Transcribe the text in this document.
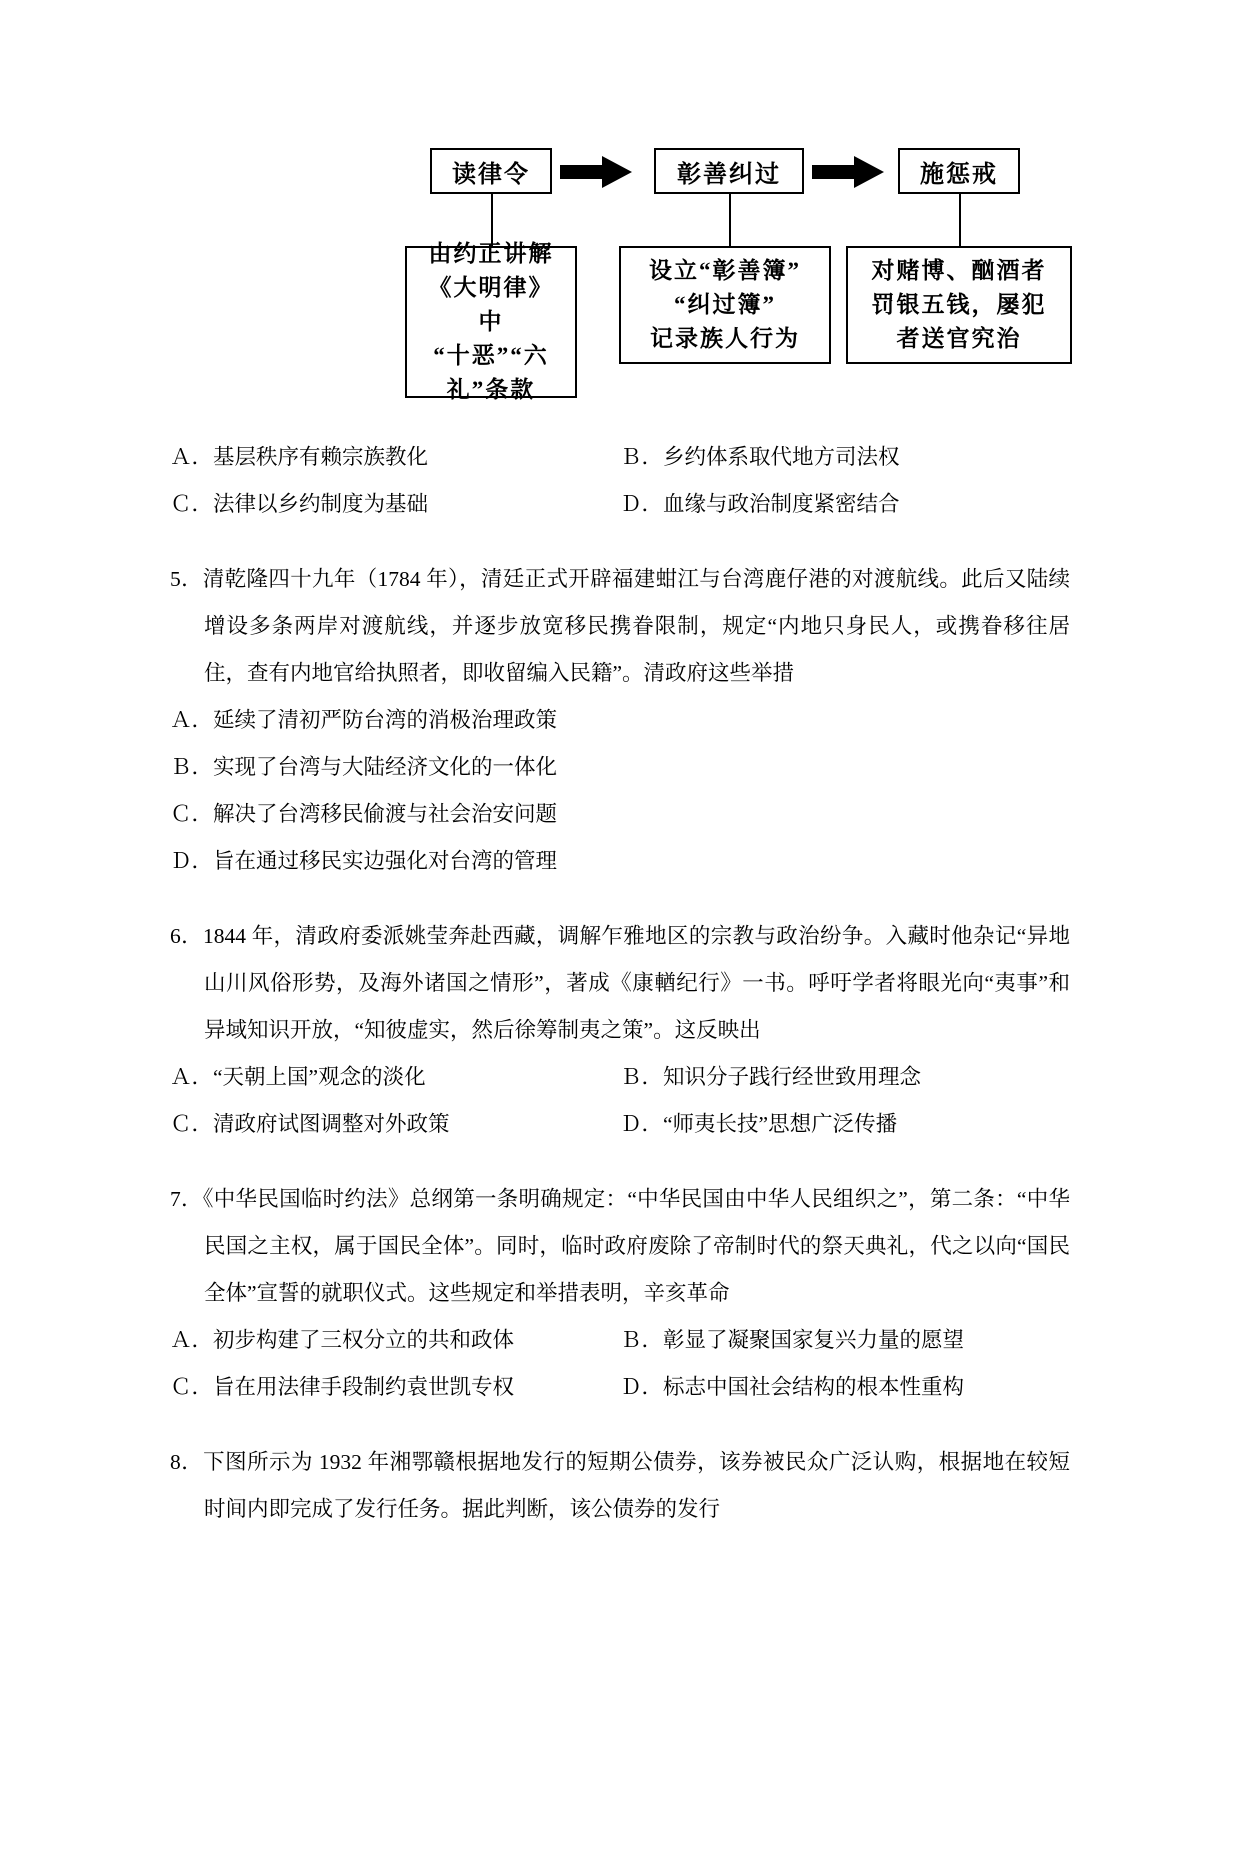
读律令	彰善纠过	施惩戒
由约正讲解
《大明律》中
“十恶”“六
礼”条款
设立“彰善簿”
“纠过簿”
记录族人行为
对赌博、酗酒者
罚银五钱，屡犯
者送官究治
Ａ．基层秩序有赖宗族教化	Ｂ．乡约体系取代地方司法权
Ｃ．法律以乡约制度为基础	Ｄ．血缘与政治制度紧密结合
5．清乾隆四十九年（1784 年），清廷正式开辟福建蚶江与台湾鹿仔港的对渡航线。此后又陆续增设多条两岸对渡航线，并逐步放宽移民携眷限制，规定“内地只身民人，或携眷移往居住，查有内地官给执照者，即收留编入民籍”。清政府这些举措
Ａ．延续了清初严防台湾的消极治理政策
Ｂ．实现了台湾与大陆经济文化的一体化
Ｃ．解决了台湾移民偷渡与社会治安问题
Ｄ．旨在通过移民实边强化对台湾的管理
6．1844 年，清政府委派姚莹奔赴西藏，调解乍雅地区的宗教与政治纷争。入藏时他杂记“异地山川风俗形势，及海外诸国之情形”，著成《康輶纪行》一书。呼吁学者将眼光向“夷事”和异域知识开放，“知彼虚实，然后徐筹制夷之策”。这反映出
Ａ．“天朝上国”观念的淡化	Ｂ．知识分子践行经世致用理念
Ｃ．清政府试图调整对外政策	Ｄ．“师夷长技”思想广泛传播
7．《中华民国临时约法》总纲第一条明确规定：“中华民国由中华人民组织之”，第二条：“中华民国之主权，属于国民全体”。同时，临时政府废除了帝制时代的祭天典礼，代之以向“国民全体”宣誓的就职仪式。这些规定和举措表明，辛亥革命
Ａ．初步构建了三权分立的共和政体	Ｂ．彰显了凝聚国家复兴力量的愿望
Ｃ．旨在用法律手段制约袁世凯专权	Ｄ．标志中国社会结构的根本性重构
8．下图所示为 1932 年湘鄂赣根据地发行的短期公债券，该券被民众广泛认购，根据地在较短时间内即完成了发行任务。据此判断，该公债券的发行
